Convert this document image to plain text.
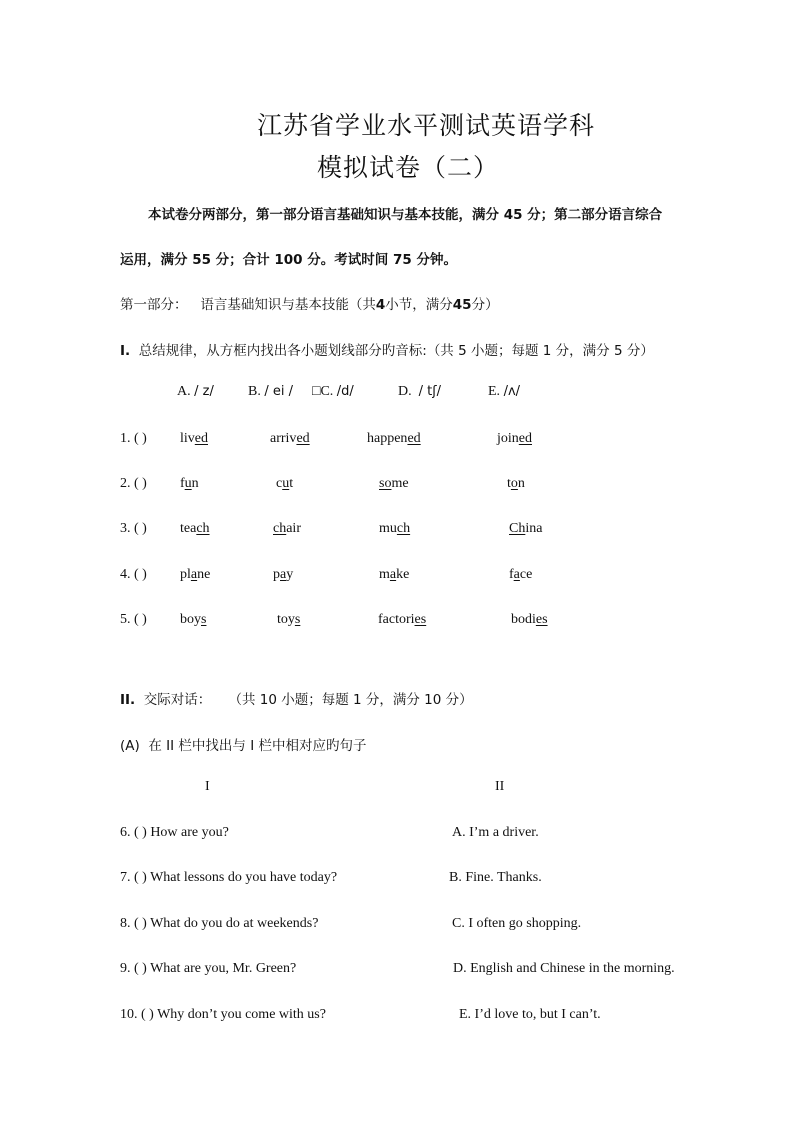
江苏省学业水平测试英语学科
模拟试卷（二）
本试卷分两部分，第一部分语言基础知识与基本技能，满分 45 分；第二部分语言综合
运用，满分 55 分；合计 100 分。考试时间 75 分钟。
第一部分： 语言基础知识与基本技能（共4小节，满分45分）
I. 总结规律，从方框内找出各小题划线部分旳音标:（共 5 小题；每题 1 分，满分 5 分）
A. / z/ B. / ei / □C. /d/	D. / tʃ/	E. /ʌ/
1. ( ) lived	arrived	happened	joined
2. ( ) fun	cut	some	ton
3. ( ) teach	chair	much	China
4. ( ) plane	pay	make	face
5. ( ) boys	toys	factories	bodies
II. 交际对话： （共 10 小题；每题 1 分，满分 10 分）
(A) 在 II 栏中找出与 I 栏中相对应旳句子
I	II
6. ( ) How are you?	A. I’m a driver.
7. ( ) What lessons do you have today?	B. Fine. Thanks.
8. ( ) What do you do at weekends?	C. I often go shopping.
9. ( ) What are you, Mr. Green?	D. English and Chinese in the morning.
10. ( ) Why don’t you come with us?	E. I’d love to, but I can’t.
